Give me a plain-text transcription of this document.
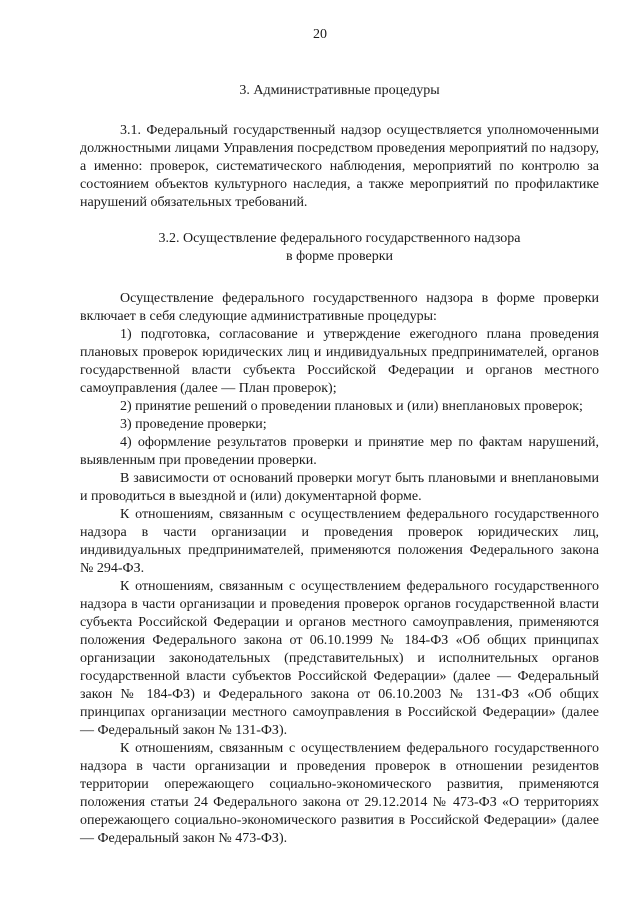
20

3. Административные процедуры

3.1. Федеральный государственный надзор осуществляется уполномоченными должностными лицами Управления посредством проведения мероприятий по надзору, а именно: проверок, систематического наблюдения, мероприятий по контролю за состоянием объектов культурного наследия, а также мероприятий по профилактике нарушений обязательных требований.

3.2. Осуществление федерального государственного надзора

в форме проверки

Осуществление федерального государственного надзора в форме проверки включает в себя следующие административные процедуры:

1) подготовка, согласование и утверждение ежегодного плана проведения плановых проверок юридических лиц и индивидуальных предпринимателей, органов государственной власти субъекта Российской Федерации и органов местного самоуправления (далее — План проверок);

2) принятие решений о проведении плановых и (или) внеплановых проверок;

3) проведение проверки;

4) оформление результатов проверки и принятие мер по фактам нарушений, выявленным при проведении проверки.

В зависимости от оснований проверки могут быть плановыми и внеплановыми и проводиться в выездной и (или) документарной форме.

К отношениям, связанным с осуществлением федерального государственного надзора в части организации и проведения проверок юридических лиц, индивидуальных предпринимателей, применяются положения Федерального закона № 294-ФЗ.

К отношениям, связанным с осуществлением федерального государственного надзора в части организации и проведения проверок органов государственной власти субъекта Российской Федерации и органов местного самоуправления, применяются положения Федерального закона от 06.10.1999 № 184-ФЗ «Об общих принципах организации законодательных (представительных) и исполнительных органов государственной власти субъектов Российской Федерации» (далее — Федеральный закон № 184-ФЗ) и Федерального закона от 06.10.2003 № 131-ФЗ «Об общих принципах организации местного самоуправления в Российской Федерации» (далее — Федеральный закон № 131-ФЗ).

К отношениям, связанным с осуществлением федерального государственного надзора в части организации и проведения проверок в отношении резидентов территории опережающего социально-экономического развития, применяются положения статьи 24 Федерального закона от 29.12.2014 № 473-ФЗ «О территориях опережающего социально-экономического развития в Российской Федерации» (далее — Федеральный закон № 473-ФЗ).
